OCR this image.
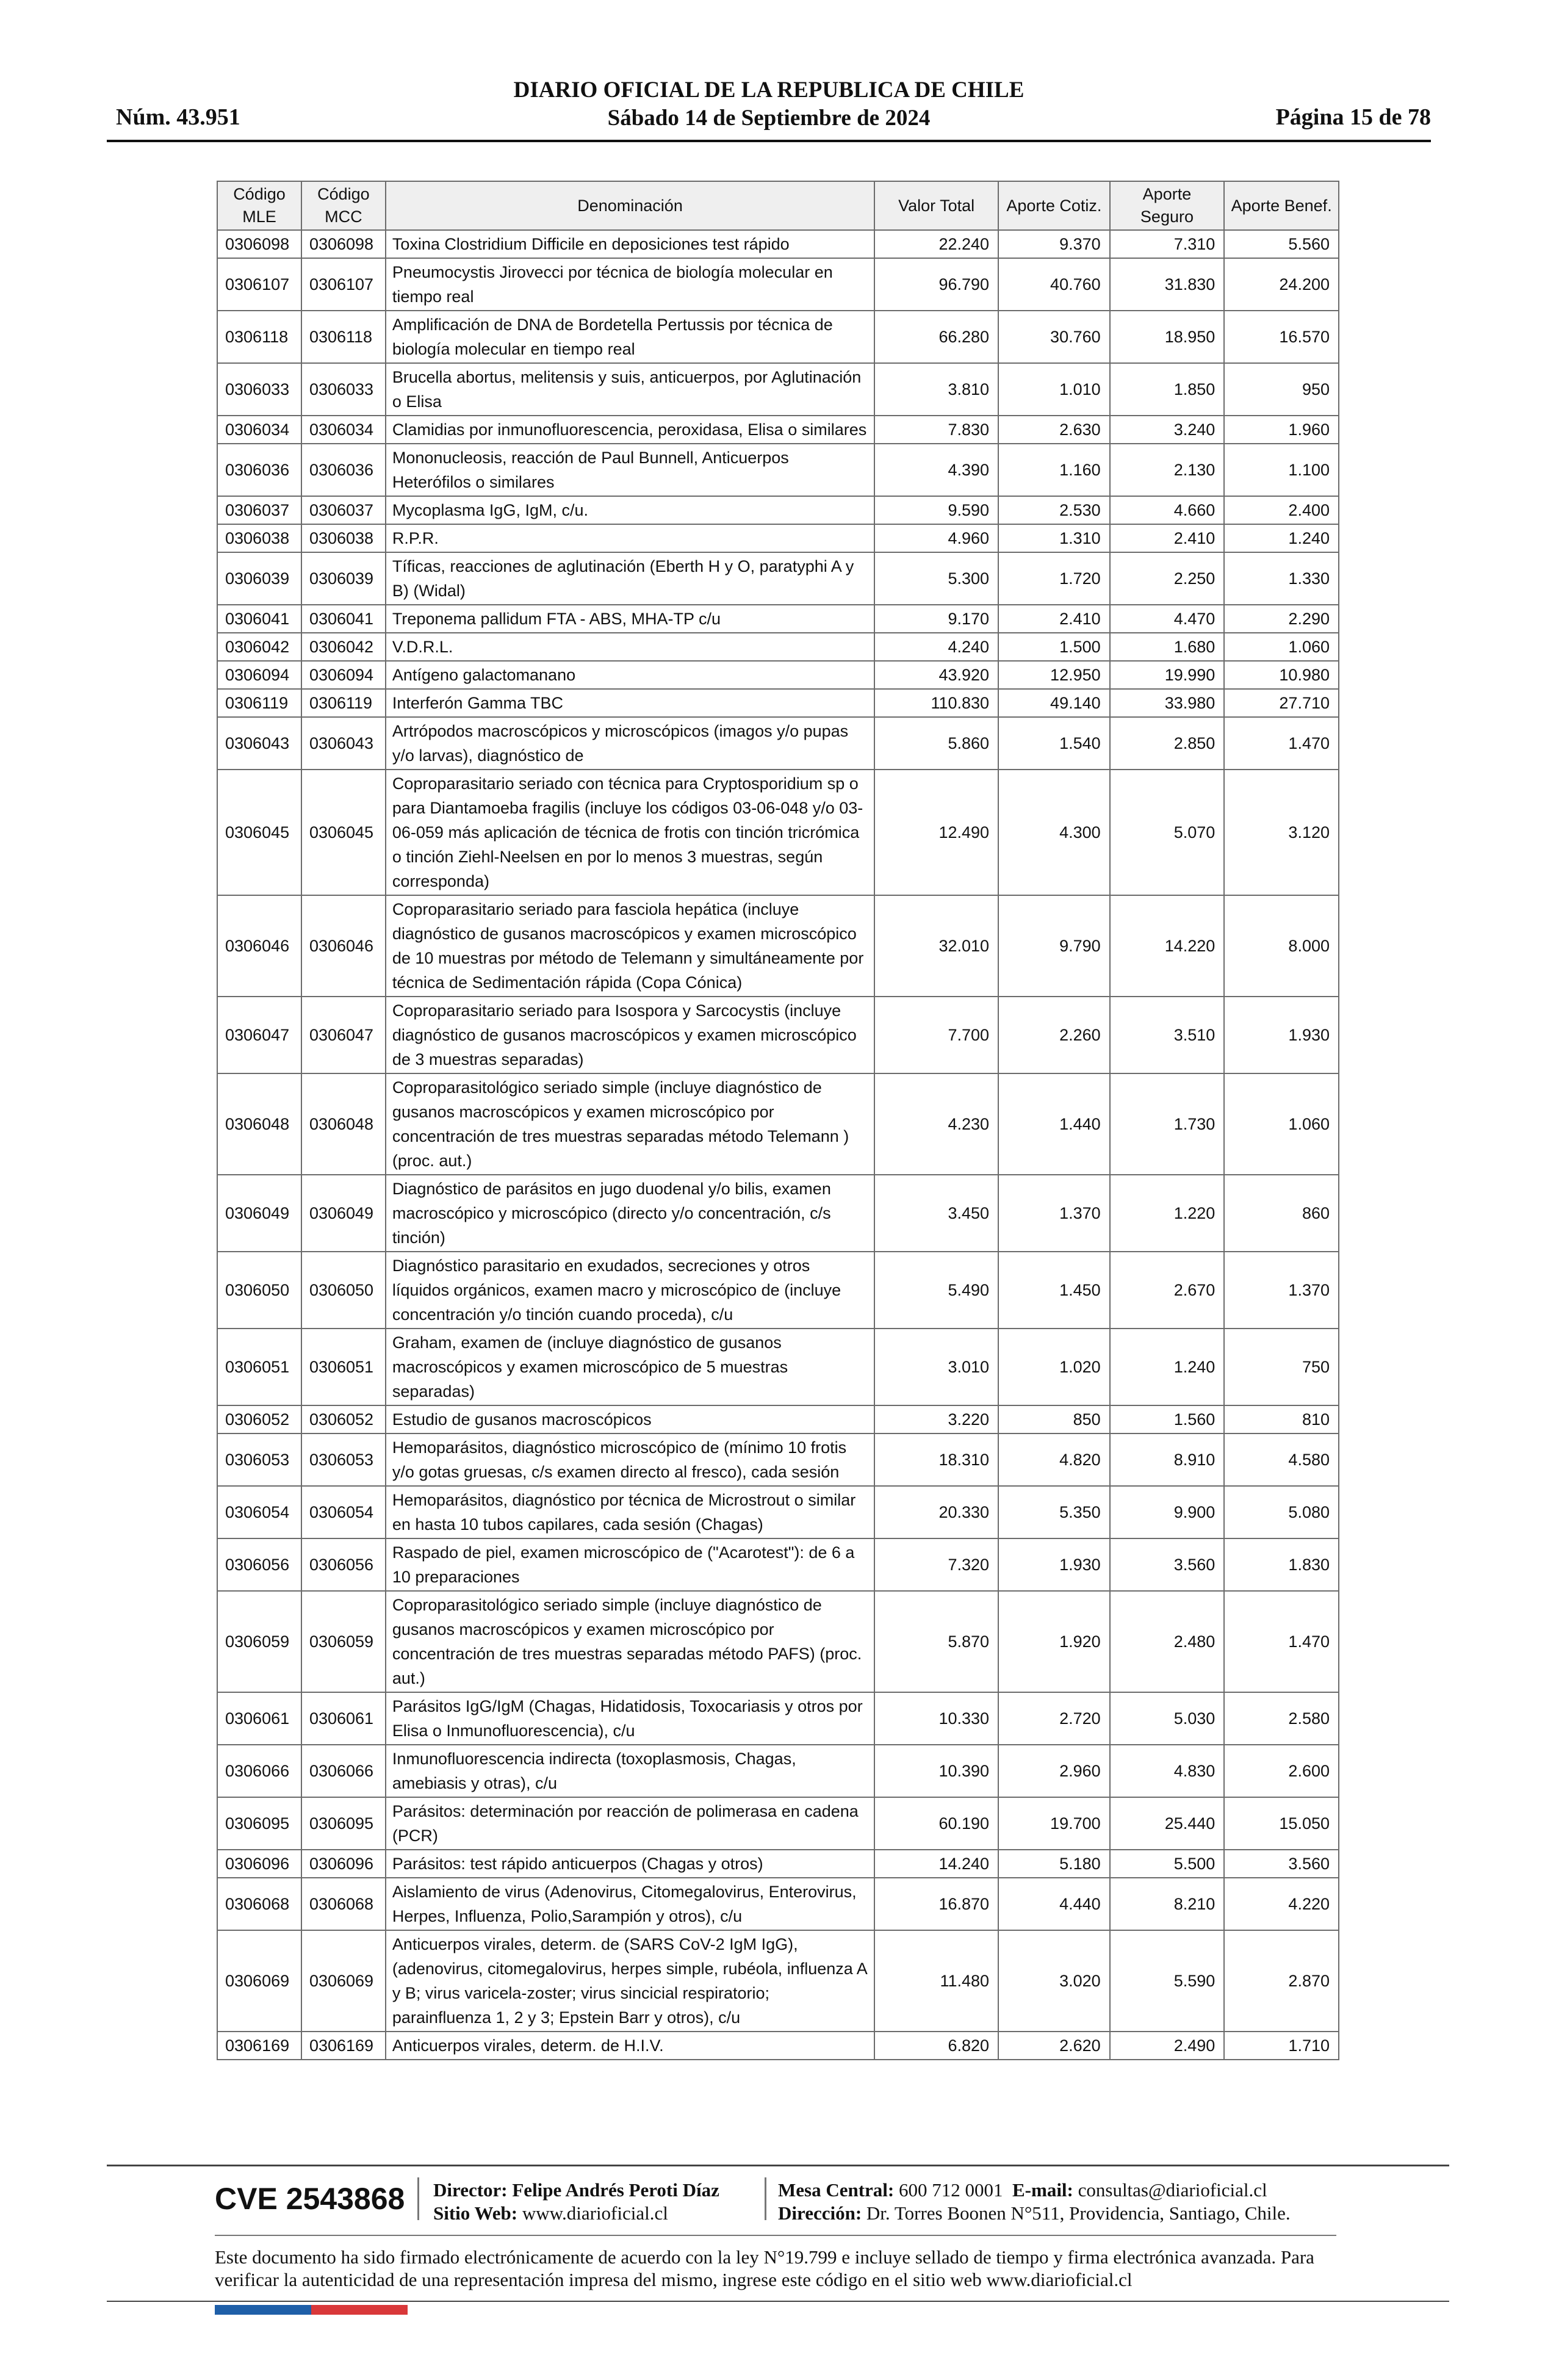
Núm. 43.951
DIARIO OFICIAL DE LA REPUBLICA DE CHILE
Sábado 14 de Septiembre de 2024	Página 15 de 78
Código MLE	Código MCC	Denominación	Valor Total	Aporte Cotiz.	Aporte Seguro	Aporte Benef.
0306098	0306098	Toxina Clostridium Difficile en deposiciones test rápido	22.240	9.370	7.310	5.560
0306107	0306107	Pneumocystis Jirovecci por técnica de biología molecular en tiempo real	96.790	40.760	31.830	24.200
0306118	0306118	Amplificación de DNA de Bordetella Pertussis por técnica de biología molecular en tiempo real	66.280	30.760	18.950	16.570
0306033	0306033	Brucella abortus, melitensis y suis, anticuerpos, por Aglutinación o Elisa	3.810	1.010	1.850	950
0306034	0306034	Clamidias por inmunofluorescencia, peroxidasa, Elisa o similares	7.830	2.630	3.240	1.960
0306036	0306036	Mononucleosis, reacción de Paul Bunnell, Anticuerpos Heterófilos o similares	4.390	1.160	2.130	1.100
0306037	0306037	Mycoplasma IgG, IgM, c/u.	9.590	2.530	4.660	2.400
0306038	0306038	R.P.R.	4.960	1.310	2.410	1.240
0306039	0306039	Tíficas, reacciones de aglutinación (Eberth H y O, paratyphi A y B) (Widal)	5.300	1.720	2.250	1.330
0306041	0306041	Treponema pallidum FTA - ABS, MHA-TP c/u	9.170	2.410	4.470	2.290
0306042	0306042	V.D.R.L.	4.240	1.500	1.680	1.060
0306094	0306094	Antígeno galactomanano	43.920	12.950	19.990	10.980
0306119	0306119	Interferón Gamma TBC	110.830	49.140	33.980	27.710
0306043	0306043	Artrópodos macroscópicos y microscópicos (imagos y/o pupas y/o larvas), diagnóstico de	5.860	1.540	2.850	1.470
0306045	0306045	Coproparasitario seriado con técnica para Cryptosporidium sp o para Diantamoeba fragilis (incluye los códigos 03-06-048 y/o 03-06-059 más aplicación de técnica de frotis con tinción tricrómica o tinción Ziehl-Neelsen en por lo menos 3 muestras, según corresponda)	12.490	4.300	5.070	3.120
0306046	0306046	Coproparasitario seriado para fasciola hepática (incluye diagnóstico de gusanos macroscópicos y examen microscópico de 10 muestras por método de Telemann y simultáneamente por técnica de Sedimentación rápida (Copa Cónica)	32.010	9.790	14.220	8.000
0306047	0306047	Coproparasitario seriado para Isospora y Sarcocystis (incluye diagnóstico de gusanos macroscópicos y examen microscópico de 3 muestras separadas)	7.700	2.260	3.510	1.930
0306048	0306048	Coproparasitológico seriado simple (incluye diagnóstico de gusanos macroscópicos y examen microscópico por concentración de tres muestras separadas método Telemann ) (proc. aut.)	4.230	1.440	1.730	1.060
0306049	0306049	Diagnóstico de parásitos en jugo duodenal y/o bilis, examen macroscópico y microscópico (directo y/o concentración, c/s tinción)	3.450	1.370	1.220	860
0306050	0306050	Diagnóstico parasitario en exudados, secreciones y otros líquidos orgánicos, examen macro y microscópico de (incluye concentración y/o tinción cuando proceda), c/u	5.490	1.450	2.670	1.370
0306051	0306051	Graham, examen de (incluye diagnóstico de gusanos macroscópicos y examen microscópico de 5 muestras separadas)	3.010	1.020	1.240	750
0306052	0306052	Estudio de gusanos macroscópicos	3.220	850	1.560	810
0306053	0306053	Hemoparásitos, diagnóstico microscópico de (mínimo 10 frotis y/o gotas gruesas, c/s examen directo al fresco), cada sesión	18.310	4.820	8.910	4.580
0306054	0306054	Hemoparásitos, diagnóstico por técnica de Microstrout o similar en hasta 10 tubos capilares, cada sesión (Chagas)	20.330	5.350	9.900	5.080
0306056	0306056	Raspado de piel, examen microscópico de ("Acarotest"): de 6 a 10 preparaciones	7.320	1.930	3.560	1.830
0306059	0306059	Coproparasitológico seriado simple (incluye diagnóstico de gusanos macroscópicos y examen microscópico por concentración de tres muestras separadas método PAFS) (proc. aut.)	5.870	1.920	2.480	1.470
0306061	0306061	Parásitos IgG/IgM (Chagas, Hidatidosis, Toxocariasis y otros por Elisa o Inmunofluorescencia), c/u	10.330	2.720	5.030	2.580
0306066	0306066	Inmunofluorescencia indirecta (toxoplasmosis, Chagas, amebiasis y otras), c/u	10.390	2.960	4.830	2.600
0306095	0306095	Parásitos: determinación por reacción de polimerasa en cadena (PCR)	60.190	19.700	25.440	15.050
0306096	0306096	Parásitos: test rápido anticuerpos (Chagas y otros)	14.240	5.180	5.500	3.560
0306068	0306068	Aislamiento de virus (Adenovirus, Citomegalovirus, Enterovirus, Herpes, Influenza, Polio,Sarampión y otros), c/u	16.870	4.440	8.210	4.220
0306069	0306069	Anticuerpos virales, determ. de (SARS CoV-2 IgM IgG), (adenovirus, citomegalovirus, herpes simple, rubéola, influenza A y B; virus varicela-zoster; virus sincicial respiratorio; parainfluenza 1, 2 y 3; Epstein Barr y otros), c/u	11.480	3.020	5.590	2.870
0306169	0306169	Anticuerpos virales, determ. de H.I.V.	6.820	2.620	2.490	1.710
CVE 2543868 Director: Felipe Andrés Peroti Díaz
Sitio Web: www.diarioficial.cl
Mesa Central: 600 712 0001 E-mail: consultas@diarioficial.cl
Dirección: Dr. Torres Boonen N°511, Providencia, Santiago, Chile.
Este documento ha sido firmado electrónicamente de acuerdo con la ley N°19.799 e incluye sellado de tiempo y firma electrónica avanzada. Para verificar la autenticidad de una representación impresa del mismo, ingrese este código en el sitio web www.diarioficial.cl
